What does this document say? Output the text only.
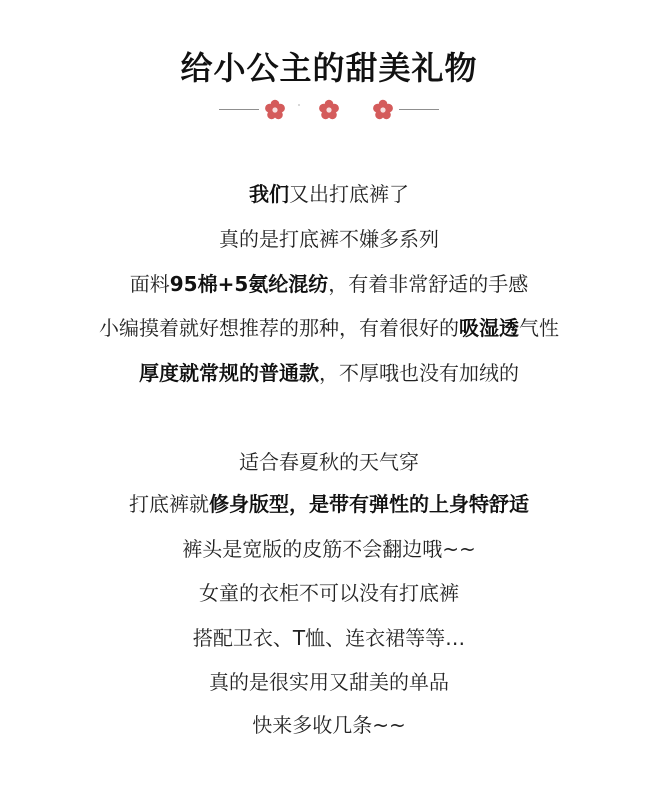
给小公主的甜美礼物
我们又出打底裤了
真的是打底裤不嫌多系列
面料95棉+5氨纶混纺，有着非常舒适的手感
小编摸着就好想推荐的那种，有着很好的吸湿透气性
厚度就常规的普通款，不厚哦也没有加绒的
适合春夏秋的天气穿
打底裤就修身版型，是带有弹性的上身特舒适
裤头是宽版的皮筋不会翻边哦~~
女童的衣柜不可以没有打底裤
搭配卫衣、T恤、连衣裙等等…
真的是很实用又甜美的单品
快来多收几条~~
